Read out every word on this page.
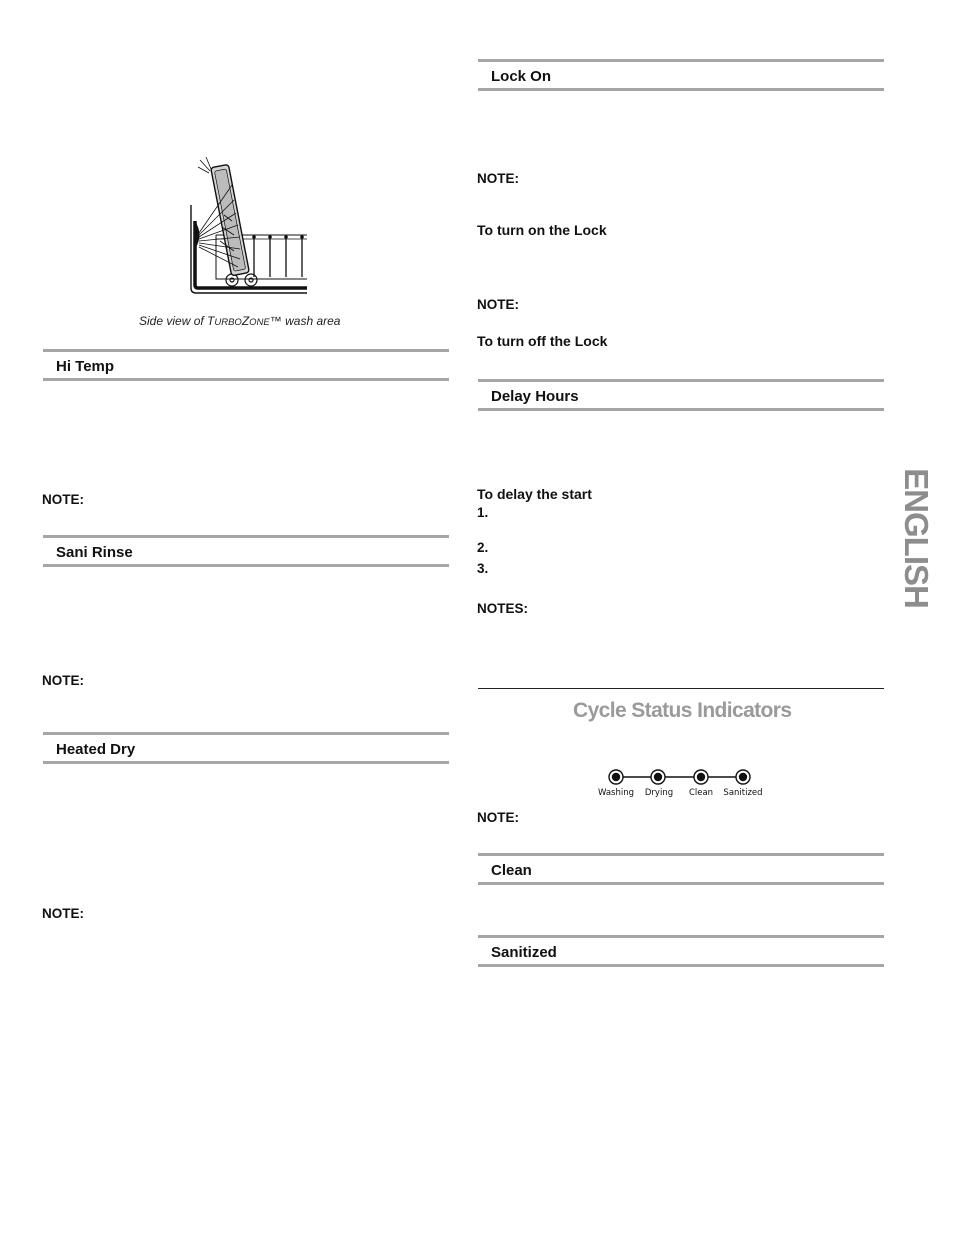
Side view of TURBOZONE™ wash area
Hi Temp
NOTE:
Sani Rinse
NOTE:
Heated Dry
NOTE:
Lock On
NOTE:
To turn on the Lock
NOTE:
To turn off the Lock
Delay Hours
To delay the start
1.
2.
3.
NOTES:
Cycle Status Indicators
Washing Drying Clean Sanitized
NOTE:
Clean
Sanitized
ENGLISH
